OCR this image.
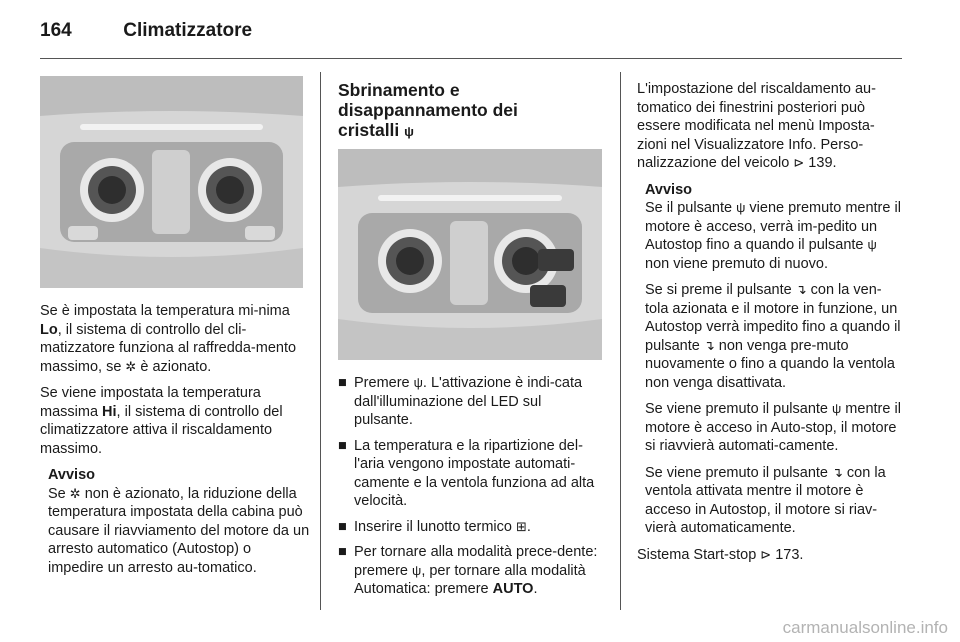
164	Climatizzatore

Se è impostata la temperatura mi-nima Lo, il sistema di controllo del cli-matizzatore funziona al raffredda-mento massimo, se ✲ è azionato.

Se viene impostata la temperatura massima Hi, il sistema di controllo del climatizzatore attiva il riscaldamento massimo.

Avviso
Se ✲ non è azionato, la riduzione della temperatura impostata della cabina può causare il riavviamento del motore da un arresto automatico (Autostop) o impedire un arresto au-tomatico.
Sbrinamento e
disappannamento dei
cristalli ψ
■ Premere ψ. L'attivazione è indi-cata dall'illuminazione del LED sul pulsante.
■ La temperatura e la ripartizione del-l'aria vengono impostate automati-camente e la ventola funziona ad alta velocità.
■ Inserire il lunotto termico ⊞.
■ Per tornare alla modalità prece-dente: premere ψ, per tornare alla modalità Automatica: premere AUTO.

L'impostazione del riscaldamento au-tomatico dei finestrini posteriori può essere modificata nel menù Imposta-zioni nel Visualizzatore Info. Perso-nalizzazione del veicolo ⊳ 139.

Avviso

Se il pulsante ψ viene premuto mentre il motore è acceso, verrà im-pedito un Autostop fino a quando il pulsante ψ non viene premuto di nuovo.

Se si preme il pulsante ↴ con la ven-tola azionata e il motore in funzione, un Autostop verrà impedito fino a quando il pulsante ↴ non venga pre-muto nuovamente o fino a quando la ventola non venga disattivata.

Se viene premuto il pulsante ψ mentre il motore è acceso in Auto-stop, il motore si riavvierà automati-camente.

Se viene premuto il pulsante ↴ con la ventola attivata mentre il motore è acceso in Autostop, il motore si riav-vierà automaticamente.

Sistema Start-stop ⊳ 173.

carmanualsonline.info
